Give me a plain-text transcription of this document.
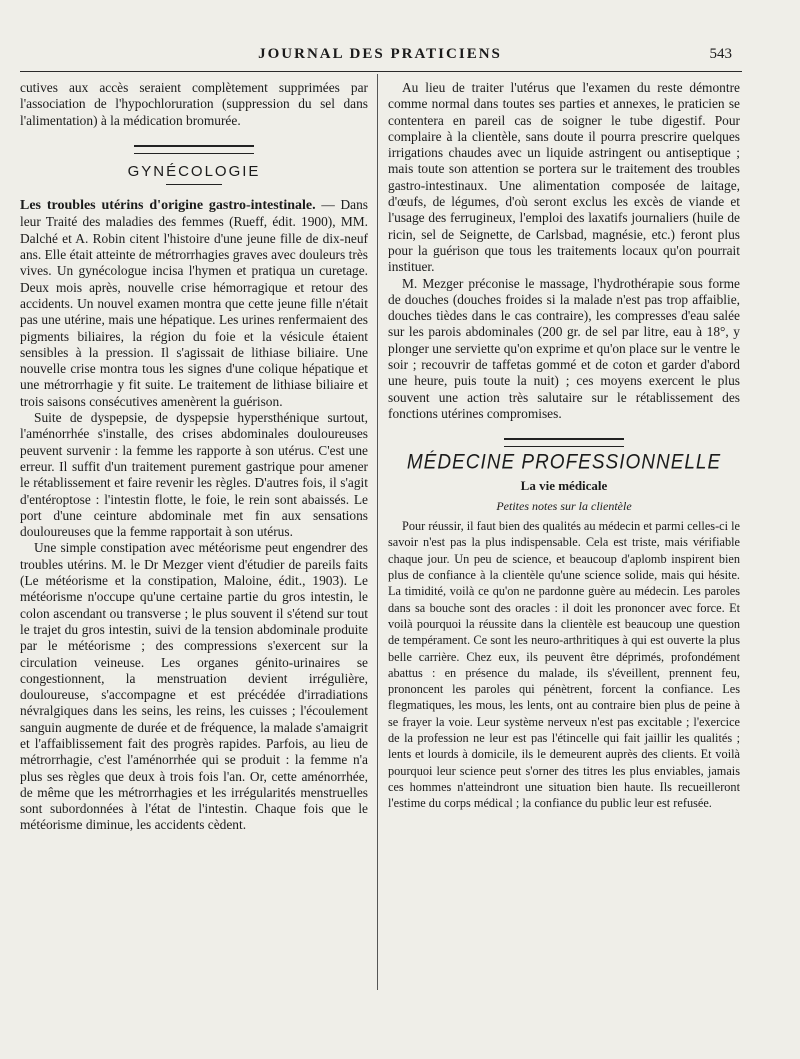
JOURNAL DES PRATICIENS	543

cutives aux accès seraient complètement supprimées par l'association de l'hypochloruration (suppression du sel dans l'alimentation) à la médication bromurée.

GYNÉCOLOGIE

Les troubles utérins d'origine gastro-intestinale. — Dans leur Traité des maladies des femmes (Rueff, édit. 1900), MM. Dalché et A. Robin citent l'histoire d'une jeune fille de dix-neuf ans. Elle était atteinte de métrorrhagies graves avec douleurs très vives. Un gynécologue incisa l'hymen et pratiqua un curetage. Deux mois après, nouvelle crise hémorragique et retour des accidents. Un nouvel examen montra que cette jeune fille n'était pas une utérine, mais une hépatique. Les urines renfermaient des pigments biliaires, la région du foie et la vésicule étaient sensibles à la pression. Il s'agissait de lithiase biliaire. Une nouvelle crise montra tous les signes d'une colique hépatique et une métrorrhagie y fit suite. Le traitement de lithiase biliaire et trois saisons consécutives amenèrent la guérison.

Suite de dyspepsie, de dyspepsie hypersthénique surtout, l'aménorrhée s'installe, des crises abdominales douloureuses peuvent survenir : la femme les rapporte à son utérus. C'est une erreur. Il suffit d'un traitement purement gastrique pour amener le rétablissement et faire revenir les règles. D'autres fois, il s'agit d'entéroptose : l'intestin flotte, le foie, le rein sont abaissés. Le port d'une ceinture abdominale met fin aux sensations douloureuses que la femme rapportait à son utérus.

Une simple constipation avec météorisme peut engendrer des troubles utérins. M. le Dr Mezger vient d'étudier de pareils faits (Le météorisme et la constipation, Maloine, édit., 1903). Le météorisme n'occupe qu'une certaine partie du gros intestin, le colon ascendant ou transverse ; le plus souvent il s'étend sur tout le trajet du gros intestin, suivi de la tension abdominale produite par le météorisme ; des compressions s'exercent sur la circulation veineuse. Les organes génito-urinaires se congestionnent, la menstruation devient irrégulière, douloureuse, s'accompagne et est précédée d'irradiations névralgiques dans les seins, les reins, les cuisses ; l'écoulement sanguin augmente de durée et de fréquence, la malade s'amaigrit et l'affaiblissement fait des progrès rapides. Parfois, au lieu de métrorrhagie, c'est l'aménorrhée qui se produit : la femme n'a plus ses règles que deux à trois fois l'an. Or, cette aménorrhée, de même que les métrorrhagies et les irrégularités menstruelles sont subordonnées à l'état de l'intestin. Chaque fois que le météorisme diminue, les accidents cèdent.

Au lieu de traiter l'utérus que l'examen du reste démontre comme normal dans toutes ses parties et annexes, le praticien se contentera en pareil cas de soigner le tube digestif. Pour complaire à la clientèle, sans doute il pourra prescrire quelques irrigations chaudes avec un liquide astringent ou antiseptique ; mais toute son attention se portera sur le traitement des troubles gastro-intestinaux. Une alimentation composée de laitage, d'œufs, de légumes, d'où seront exclus les excès de viande et l'usage des ferrugineux, l'emploi des laxatifs journaliers (huile de ricin, sel de Seignette, de Carlsbad, magnésie, etc.) feront plus pour la guérison que tous les traitements locaux qu'on pourrait instituer.

M. Mezger préconise le massage, l'hydrothérapie sous forme de douches (douches froides si la malade n'est pas trop affaiblie, douches tièdes dans le cas contraire), les compresses d'eau salée sur les parois abdominales (200 gr. de sel par litre, eau à 18°, y plonger une serviette qu'on exprime et qu'on place sur le ventre le soir ; recouvrir de taffetas gommé et de coton et garder d'abord une heure, puis toute la nuit) ; ces moyens exercent le plus souvent une action très salutaire sur le rétablissement des fonctions utérines compromises.

MÉDECINE PROFESSIONNELLE
La vie médicale
Petites notes sur la clientèle

Pour réussir, il faut bien des qualités au médecin et parmi celles-ci le savoir n'est pas la plus indispensable. Cela est triste, mais vérifiable chaque jour. Un peu de science, et beaucoup d'aplomb inspirent bien plus de confiance à la clientèle qu'une science solide, mais qui hésite. La timidité, voilà ce qu'on ne pardonne guère au médecin. Les paroles dans sa bouche sont des oracles : il doit les prononcer avec force. Et voilà pourquoi la réussite dans la clientèle est beaucoup une question de tempérament. Ce sont les neuro-arthritiques à qui est ouverte la plus belle carrière. Chez eux, ils peuvent être déprimés, profondément abattus : en présence du malade, ils s'éveillent, prennent feu, prononcent les paroles qui pénètrent, forcent la confiance. Les flegmatiques, les mous, les lents, ont au contraire bien plus de peine à se frayer la voie. Leur système nerveux n'est pas excitable ; l'exercice de la profession ne leur est pas l'étincelle qui fait jaillir les qualités ; lents et lourds à domicile, ils le demeurent auprès des clients. Et voilà pourquoi leur science peut s'orner des titres les plus enviables, jamais ces hommes n'atteindront une situation bien haute. Ils recueilleront l'estime du corps médical ; la confiance du public leur est refusée.
